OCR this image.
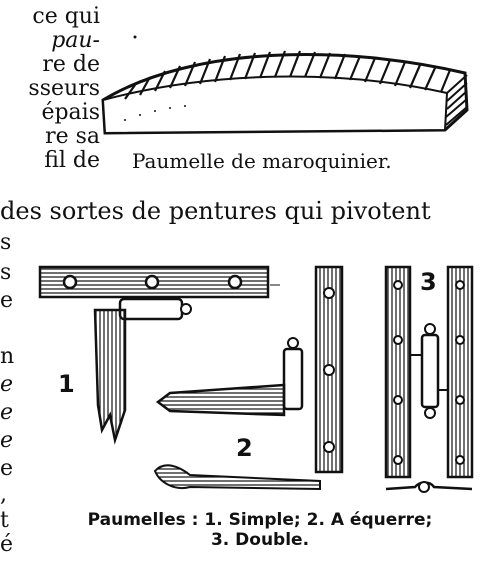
ce qui
pau-
re de
sseurs
épais
re sa
fil de Paumelle de maroquinier.
des sortes de pentures qui pivotent
s
s
e
n
e
e
e
e
,
t
é
1
2
3
Paumelles : 1. Simple; 2. A équerre;
3. Double.
